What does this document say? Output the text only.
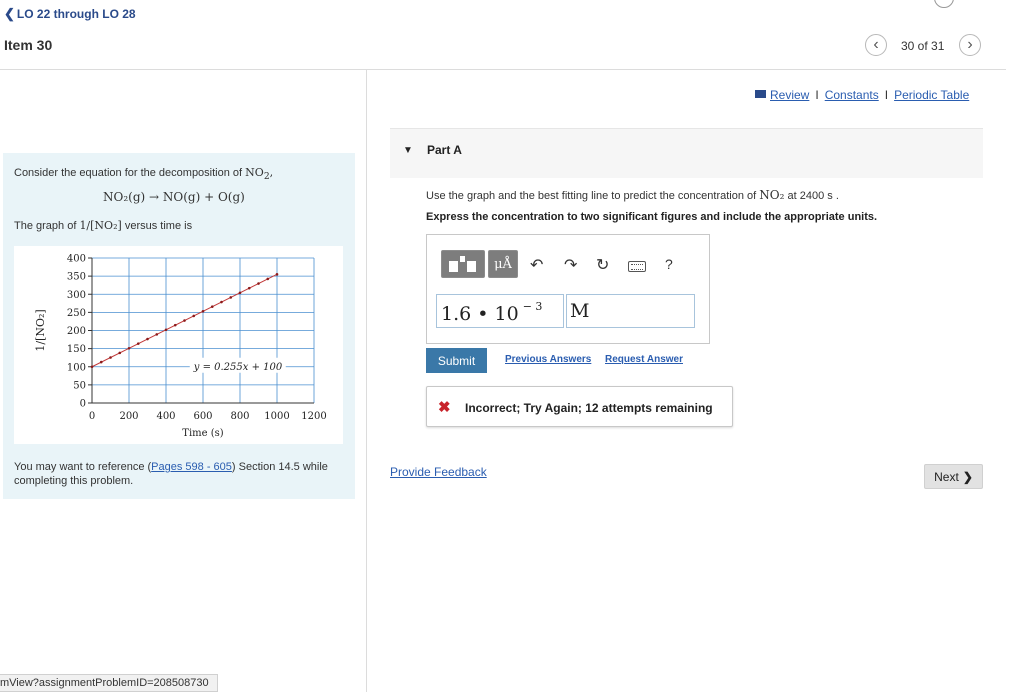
❮ LO 22 through LO 28
Item 30	‹ 30 of 31 ›
Consider the equation for the decomposition of $NO_2$,
NO₂(g) → NO(g) + O(g)
The graph of 1/[NO₂] versus time is
0
50
100
150
200
250
300
350
400
0 200 400 600 800 1000 1200
y = 0.255x + 100
Time (s)
1/[NO₂]
You may want to reference (Pages 598 - 605) Section 14.5 while completing this problem.
mView?assignmentProblemID=208508730
Review I Constants I Periodic Table
▼ Part A
Use the graph and the best fitting line to predict the concentration of NO₂ at 2400 s .
Express the concentration to two significant figures and include the appropriate units.
μÅ	↶ ↷ ↻	?
1.6 • 10 $^{- 3}$	M
Submit	Previous Answers Request Answer
✖ Incorrect; Try Again; 12 attempts remaining
Provide Feedback	Next ❯
